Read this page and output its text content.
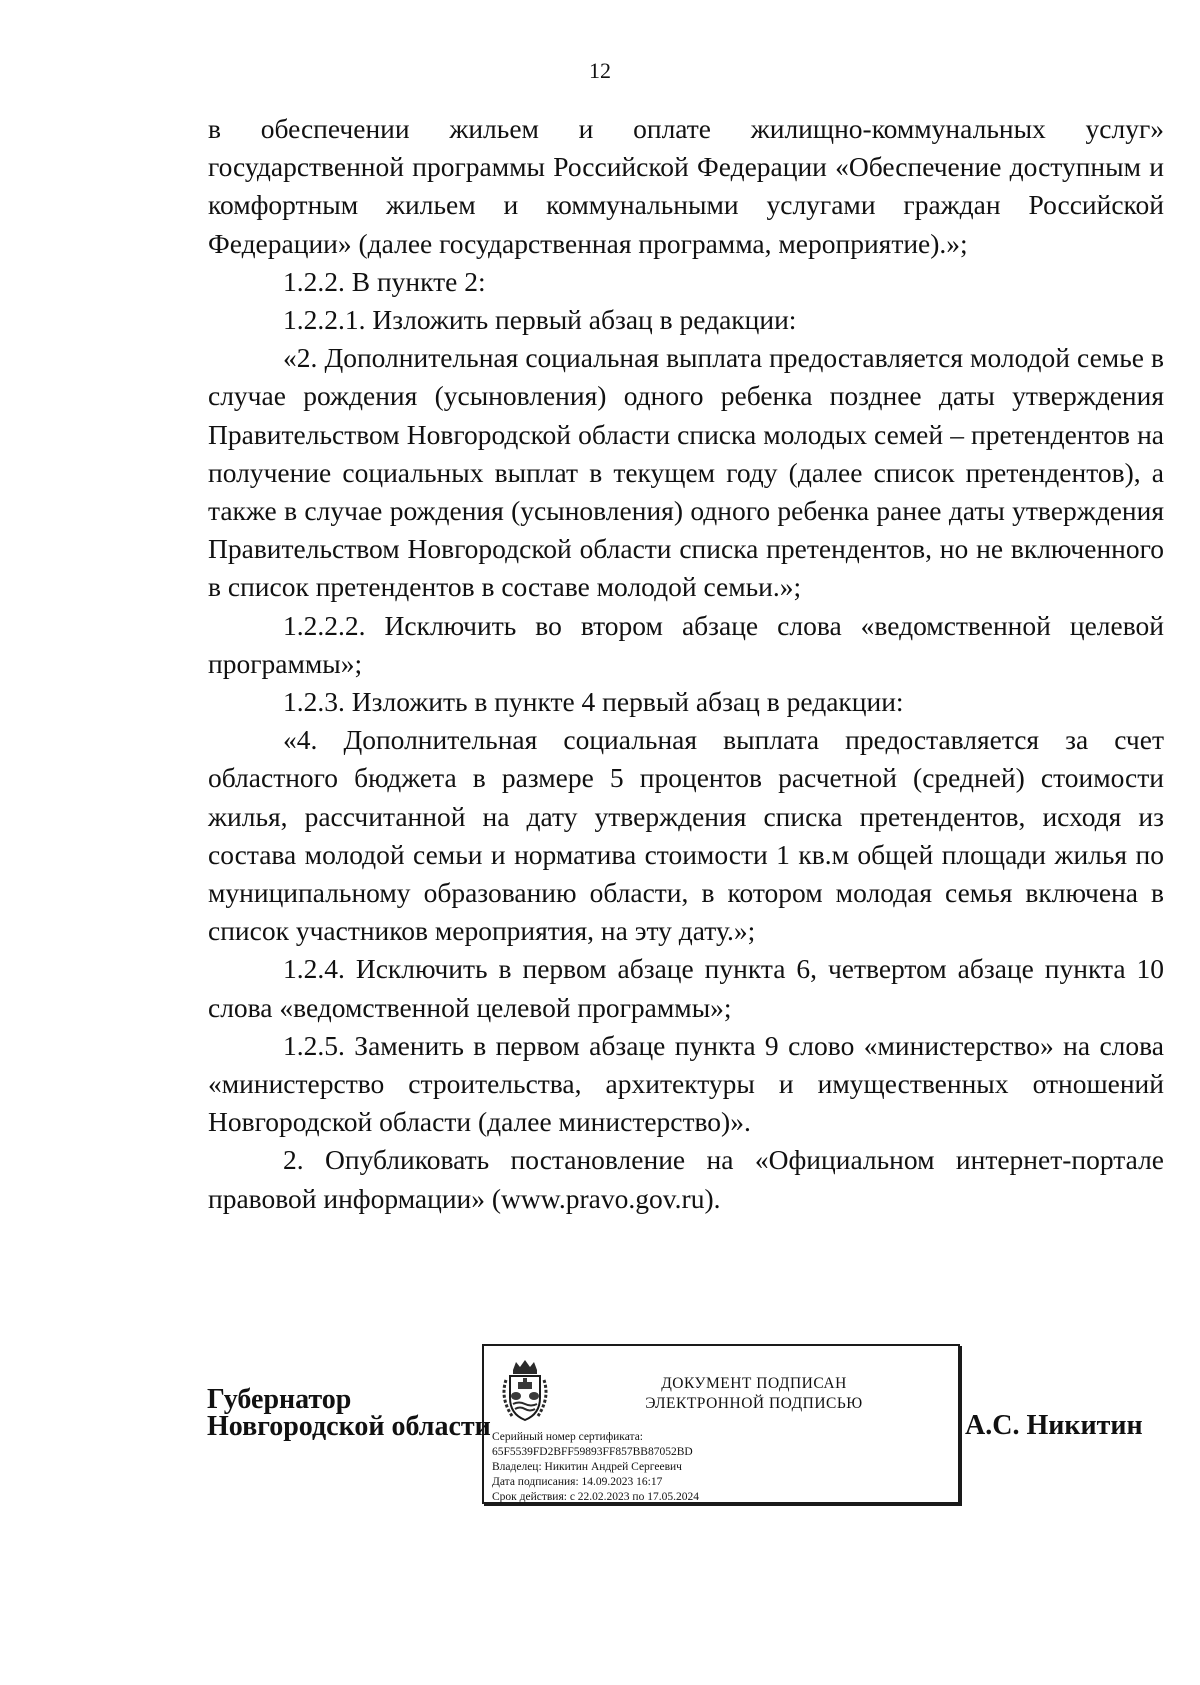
12

в обеспечении жильем и оплате жилищно-коммунальных услуг» государственной программы Российской Федерации «Обеспечение доступным и комфортным жильем и коммунальными услугами граждан Российской Федерации» (далее государственная программа, мероприятие).»;

1.2.2. В пункте 2:

1.2.2.1. Изложить первый абзац в редакции:

«2. Дополнительная социальная выплата предоставляется молодой семье в случае рождения (усыновления) одного ребенка позднее даты утверждения Правительством Новгородской области списка молодых семей – претендентов на получение социальных выплат в текущем году (далее список претендентов), а также в случае рождения (усыновления) одного ребенка ранее даты утверждения Правительством Новгородской области списка претендентов, но не включенного в список претендентов в составе молодой семьи.»;

1.2.2.2. Исключить во втором абзаце слова «ведомственной целевой программы»;

1.2.3. Изложить в пункте 4 первый абзац в редакции:

«4. Дополнительная социальная выплата предоставляется за счет областного бюджета в размере 5 процентов расчетной (средней) стоимости жилья, рассчитанной на дату утверждения списка претендентов, исходя из состава молодой семьи и норматива стоимости 1 кв.м общей площади жилья по муниципальному образованию области, в котором молодая семья включена в список участников мероприятия, на эту дату.»;

1.2.4. Исключить в первом абзаце пункта 6, четвертом абзаце пункта 10 слова «ведомственной целевой программы»;

1.2.5. Заменить в первом абзаце пункта 9 слово «министерство» на слова «министерство строительства, архитектуры и имущественных отношений Новгородской области (далее министерство)».

2. Опубликовать постановление на «Официальном интернет-портале правовой информации» (www.pravo.gov.ru).

Губернатор
Новгородской области
ДОКУМЕНТ ПОДПИСАН
ЭЛЕКТРОННОЙ ПОДПИСЬЮ
Серийный номер сертификата:
65F5539FD2BFF59893FF857BB87052BD
Владелец: Никитин Андрей Сергеевич
Дата подписания: 14.09.2023 16:17
Срок действия: с 22.02.2023 по 17.05.2024
А.С. Никитин
